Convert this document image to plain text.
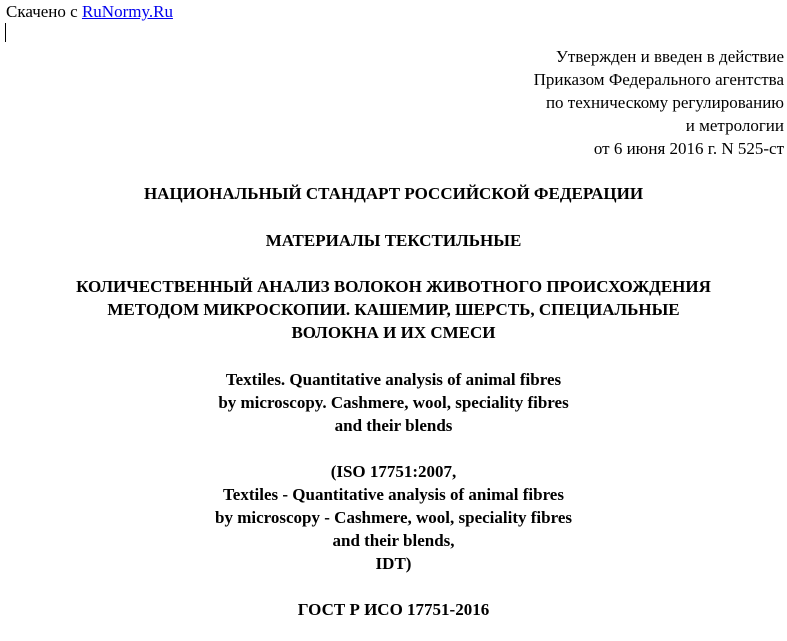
Скачено с RuNormy.Ru
Утвержден и введен в действие
Приказом Федерального агентства
по техническому регулированию
и метрологии
от 6 июня 2016 г. N 525-ст
НАЦИОНАЛЬНЫЙ СТАНДАРТ РОССИЙСКОЙ ФЕДЕРАЦИИ
МАТЕРИАЛЫ ТЕКСТИЛЬНЫЕ
КОЛИЧЕСТВЕННЫЙ АНАЛИЗ ВОЛОКОН ЖИВОТНОГО ПРОИСХОЖДЕНИЯ
МЕТОДОМ МИКРОСКОПИИ. КАШЕМИР, ШЕРСТЬ, СПЕЦИАЛЬНЫЕ
ВОЛОКНА И ИХ СМЕСИ
Textiles. Quantitative analysis of animal fibres
by microscopy. Cashmere, wool, speciality fibres
and their blends
(ISO 17751:2007,
Textiles - Quantitative analysis of animal fibres
by microscopy - Cashmere, wool, speciality fibres
and their blends,
IDT)
ГОСТ Р ИСО 17751-2016
